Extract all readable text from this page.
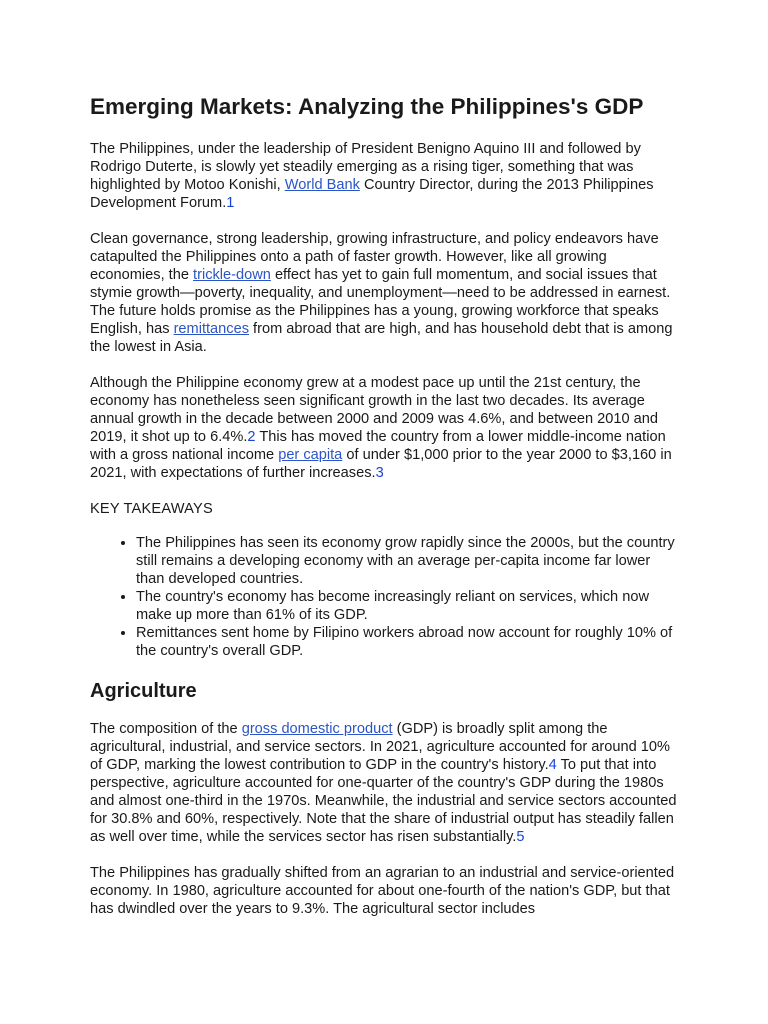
Emerging Markets: Analyzing the Philippines's GDP

The Philippines, under the leadership of President Benigno Aquino III and followed by Rodrigo Duterte, is slowly yet steadily emerging as a rising tiger, something that was highlighted by Motoo Konishi, World Bank Country Director, during the 2013 Philippines Development Forum.1

Clean governance, strong leadership, growing infrastructure, and policy endeavors have catapulted the Philippines onto a path of faster growth. However, like all growing economies, the trickle-down effect has yet to gain full momentum, and social issues that stymie growth—poverty, inequality, and unemployment—need to be addressed in earnest. The future holds promise as the Philippines has a young, growing workforce that speaks English, has remittances from abroad that are high, and has household debt that is among the lowest in Asia.

Although the Philippine economy grew at a modest pace up until the 21st century, the economy has nonetheless seen significant growth in the last two decades. Its average annual growth in the decade between 2000 and 2009 was 4.6%, and between 2010 and 2019, it shot up to 6.4%.2 This has moved the country from a lower middle-income nation with a gross national income per capita of under $1,000 prior to the year 2000 to $3,160 in 2021, with expectations of further increases.3

KEY TAKEAWAYS
• The Philippines has seen its economy grow rapidly since the 2000s, but the country still remains a developing economy with an average per-capita income far lower than developed countries.
• The country's economy has become increasingly reliant on services, which now make up more than 61% of its GDP.
• Remittances sent home by Filipino workers abroad now account for roughly 10% of the country's overall GDP.
Agriculture

The composition of the gross domestic product (GDP) is broadly split among the agricultural, industrial, and service sectors. In 2021, agriculture accounted for around 10% of GDP, marking the lowest contribution to GDP in the country's history.4 To put that into perspective, agriculture accounted for one-quarter of the country's GDP during the 1980s and almost one-third in the 1970s. Meanwhile, the industrial and service sectors accounted for 30.8% and 60%, respectively. Note that the share of industrial output has steadily fallen as well over time, while the services sector has risen substantially.5

The Philippines has gradually shifted from an agrarian to an industrial and service-oriented economy. In 1980, agriculture accounted for about one-fourth of the nation's GDP, but that has dwindled over the years to 9.3%. The agricultural sector includes
